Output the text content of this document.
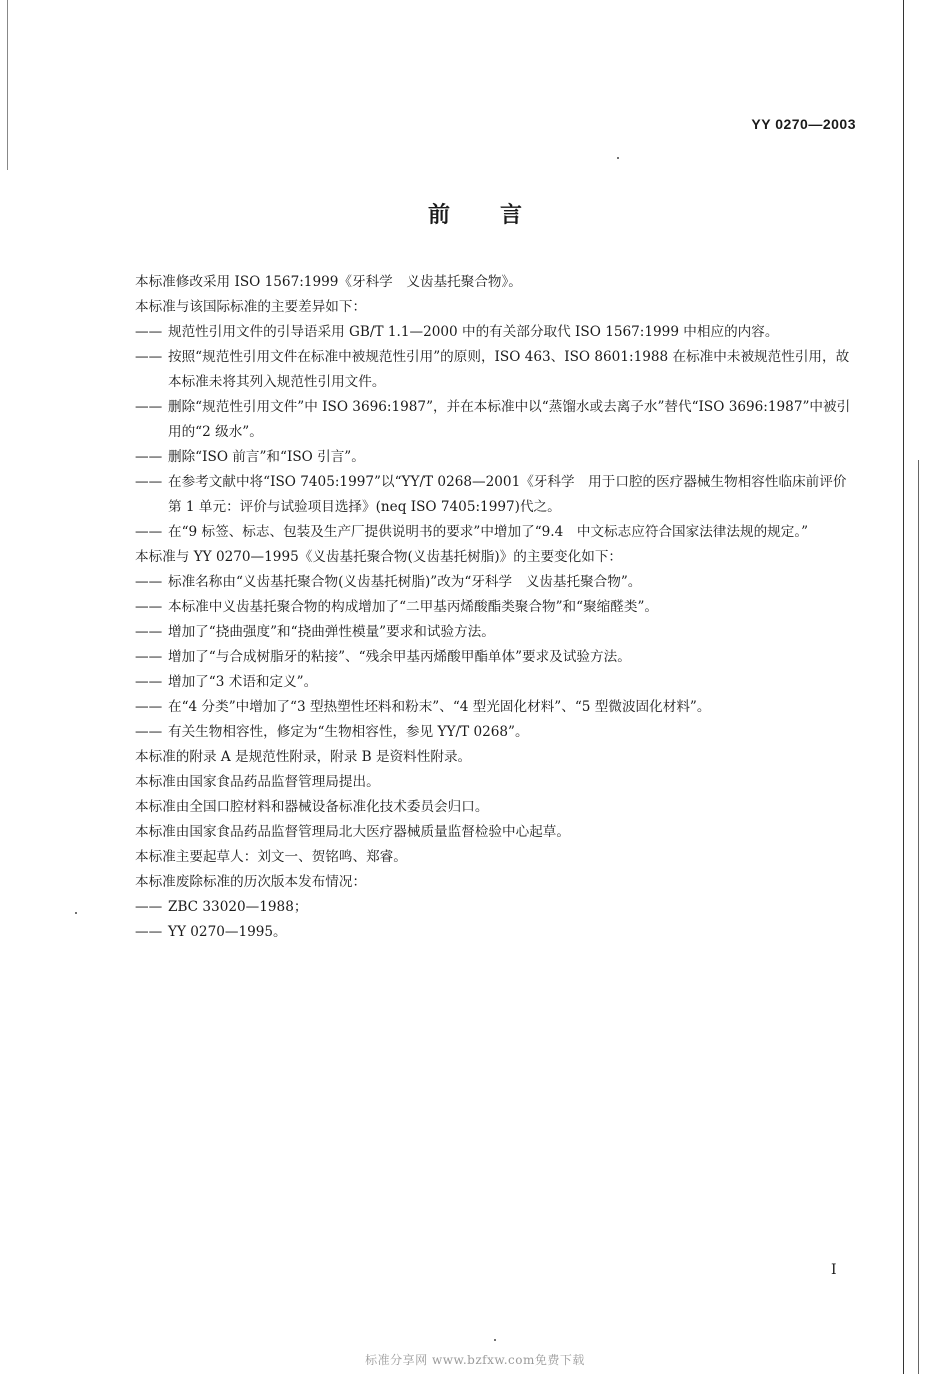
YY 0270—2003
前言

本标准修改采用 ISO 1567:1999《牙科学　义齿基托聚合物》。

本标准与该国际标准的主要差异如下：

—— 规范性引用文件的引导语采用 GB/T 1.1—2000 中的有关部分取代 ISO 1567:1999 中相应的内容。
—— 按照“规范性引用文件在标准中被规范性引用”的原则，ISO 463、ISO 8601:1988 在标准中未被规范性引用，故本标准未将其列入规范性引用文件。
—— 删除“规范性引用文件”中 ISO 3696:1987”，并在本标准中以“蒸馏水或去离子水”替代“ISO 3696:1987”中被引用的“2 级水”。
—— 删除“ISO 前言”和“ISO 引言”。
—— 在参考文献中将“ISO 7405:1997”以“YY/T 0268—2001《牙科学　用于口腔的医疗器械生物相容性临床前评价　第 1 单元：评价与试验项目选择》(neq ISO 7405:1997)代之。
—— 在“9 标签、标志、包装及生产厂提供说明书的要求”中增加了“9.4　中文标志应符合国家法律法规的规定。”

本标准与 YY 0270—1995《义齿基托聚合物(义齿基托树脂)》的主要变化如下：

—— 标准名称由“义齿基托聚合物(义齿基托树脂)”改为“牙科学　义齿基托聚合物”。
—— 本标准中义齿基托聚合物的构成增加了“二甲基丙烯酸酯类聚合物”和“聚缩醛类”。
—— 增加了“挠曲强度”和“挠曲弹性模量”要求和试验方法。
—— 增加了“与合成树脂牙的粘接”、“残余甲基丙烯酸甲酯单体”要求及试验方法。
—— 增加了“3 术语和定义”。
—— 在“4 分类”中增加了“3 型热塑性坯料和粉末”、“4 型光固化材料”、“5 型微波固化材料”。
—— 有关生物相容性，修定为“生物相容性，参见 YY/T 0268”。

本标准的附录 A 是规范性附录，附录 B 是资料性附录。

本标准由国家食品药品监督管理局提出。

本标准由全国口腔材料和器械设备标准化技术委员会归口。

本标准由国家食品药品监督管理局北大医疗器械质量监督检验中心起草。

本标准主要起草人：刘文一、贺铭鸣、郑睿。

本标准废除标准的历次版本发布情况：

—— ZBC 33020—1988；
—— YY 0270—1995。
I
标准分享网 www.bzfxw.com免费下载
